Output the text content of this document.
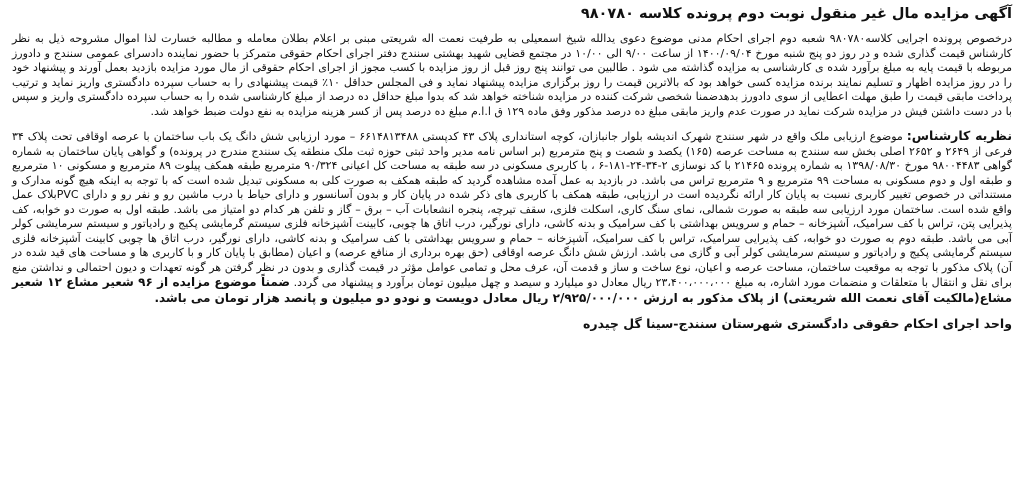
آگهی مزایده مال غیر منقول نوبت دوم پرونده کلاسه ۹۸۰۷۸۰

درخصوص پرونده اجرایی کلاسه۹۸۰۷۸۰ شعبه دوم اجرای احکام مدنی موضوع دعوی یدالله شیخ اسمعیلی به طرفیت نعمت اله شریعتی مبنی بر اعلام بطلان معامله و مطالبه خسارت لذا اموال مشروحه ذیل به نظر کارشناس قیمت گذاری شده و در روز دو پنج شنبه مورخ ۱۴۰۰/۰۹/۰۴ از ساعت ۹/۰۰ الی ۱۰/۰۰ در مجتمع قضایی شهید بهشتی سنندج دفتر اجرای احکام حقوقی متمرکز با حضور نماینده دادسرای عمومی سنندج و دادورز مربوطه با قیمت پایه به مبلغ برآورد شده ی کارشناسی به مزایده گذاشته می شود . طالبین می توانند پنج روز قبل از روز مزایده با کسب مجوز از اجرای احکام حقوقی از مال مورد مزایده بازدید بعمل آورند و پیشنهاد خود را در روز مزایده اظهار و تسلیم نمایند برنده مزایده کسی خواهد بود که بالاترین قیمت را روز برگزاری مزایده پیشنهاد نماید و فی المجلس حداقل ۱۰٪ قیمت پیشنهادی را به حساب سپرده دادگستری واریز نماید و ترتیب پرداخت مابقی قیمت را طبق مهلت اعطایی از سوی دادورز بدهدضمنا شخصی شرکت کننده در مزایده شناخته خواهد شد که بدوا مبلغ حداقل ده درصد از مبلغ کارشناسی شده را به حساب سپرده دادگستری واریز و سپس با در دست داشتن فیش در مزایده شرکت نماید در صورت عدم واریز مابقی مبلغ ده درصد مذکور وفق ماده ۱۲۹ ق ا.ا.م مبلغ ده درصد پس از کسر هزینه مزایده به نفع دولت ضبط خواهد شد.

نظریه کارشناس: موضوع ارزیابی ملک واقع در شهر سنندج شهرک اندیشه بلوار جانبازان، کوچه استانداری پلاک ۴۳ کدپستی ۶۶۱۴۸۱۳۴۸۸ – مورد ارزیابی شش دانگ یک باب ساختمان با عرصه اوقافی تحت پلاک ۳۴ فرعی از ۲۶۴۹ و ۲۶۵۲ اصلی بخش سه سنندج به مساحت عرصه (۱۶۵) یکصد و شصت و پنج مترمربع (بر اساس نامه مدیر واحد ثبتی حوزه ثبت ملک منطقه یک سنندج مندرج در پرونده) و گواهی پایان ساختمان به شماره گواهی ۹۸۰۰۴۴۸۳ مورخ ۱۳۹۸/۰۸/۳۰ به شماره پرونده ۲۱۴۶۵ با کد نوسازی ۲-۳۴-۲۴-۱۸۱-۶ ، با کاربری مسکونی در سه طبقه به مساحت کل اعیانی ۹۰/۳۲۴ مترمربع طبقه همکف پیلوت ۸۹ مترمربع و مسکونی ۱۰ مترمربع و طبقه اول و دوم مسکونی به مساحت ۹۹ مترمربع و ۹ مترمربع تراس می باشد. در بازدید به عمل آمده مشاهده گردید که طبقه همکف به صورت کلی به مسکونی تبدیل شده است که با توجه به اینکه هیچ گونه مدارک و مستنداتی در خصوص تغییر کاربری نسبت به پایان کار ارائه نگردیده است در ارزیابی، طبقه همکف با کاربری های ذکر شده در پایان کار و بدون آسانسور و دارای حیاط با درب ماشین رو و نفر رو و دارای PVCبلاک عمل واقع شده است. ساختمان مورد ارزیابی سه طبقه به صورت شمالی، نمای سنگ کاری، اسکلت فلزی، سقف تیرچه، پنجره انشعابات آب – برق – گاز و تلفن هر کدام دو امتیاز می باشد. طبقه اول به صورت دو خوابه، کف پذیرایی پتن، تراس با کف سرامیک، آشپزخانه – حمام و سرویس بهداشتی با کف سرامیک و بدنه کاشی، دارای نورگیر، درب اتاق ها چوبی، کابینت آشپزخانه فلزی سیستم گرمایشی پکیج و رادیاتور و سیستم سرمایشی کولر آبی می باشد. طبقه دوم به صورت دو خوابه، کف پذیرایی سرامیک، تراس با کف سرامیک، آشپزخانه – حمام و سرویس بهداشتی با کف سرامیک و بدنه کاشی، دارای نورگیر، درب اتاق ها چوبی کابینت آشپزخانه فلزی سیستم گرمایشی پکیج و رادیاتور و سیستم سرمایشی کولر آبی و گازی می باشد. ارزش شش دانگ عرصه اوقافی (حق بهره برداری از منافع عرصه) و اعیان (مطابق با پایان کار و با کاربری ها و مساحت های قید شده در آن) پلاک مذکور با توجه به موقعیت ساختمان، مساحت عرصه و اعیان، نوع ساخت و ساز و قدمت آن، عرف محل و تمامی عوامل مؤثر در قیمت گذاری و بدون در نظر گرفتن هر گونه تعهدات و دیون احتمالی و نداشتن منع برای نقل و انتقال با متعلقات و منضمات مورد اشاره، به مبلغ ۲۳،۴۰۰،۰۰۰،۰۰۰ ریال معادل دو میلیارد و سیصد و چهل میلیون تومان برآورد و پیشنهاد می گردد. ضمناً موضوع مزایده از ۹۶ شعیر مشاع ۱۲ شعیر مشاع(مالکیت آقای نعمت الله شریعتی) از پلاک مذکور به ارزش ۲/۹۲۵/۰۰۰/۰۰۰ ریال معادل دویست و نودو دو میلیون و پانصد هزار تومان می باشد.

واحد اجرای احکام حقوقی دادگستری شهرستان سنندج-سینا گل چیدره
